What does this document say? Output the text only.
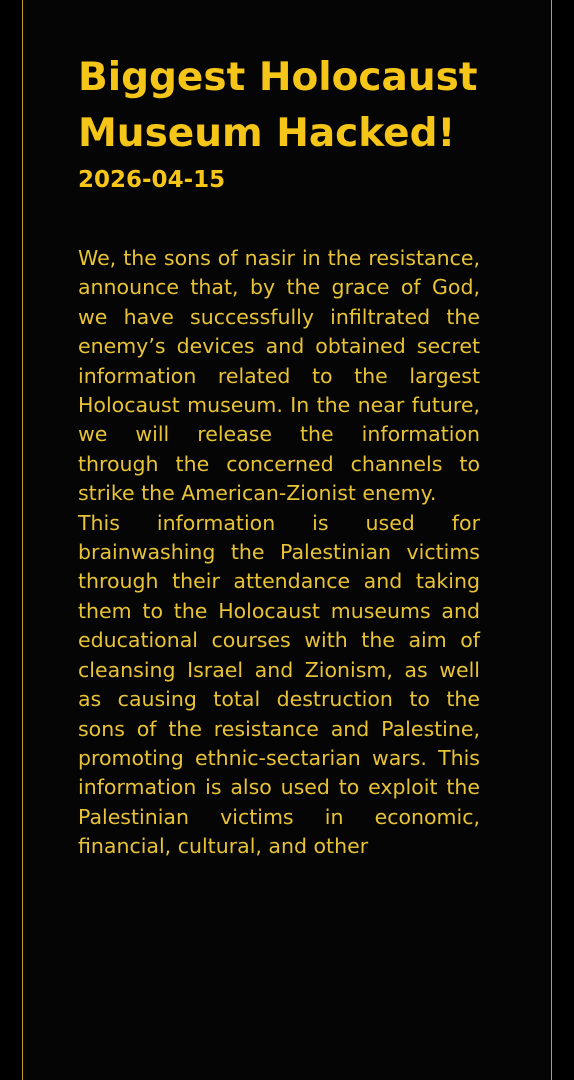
Biggest Holocaust Museum Hacked!
2026-04-15

We, the sons of nasir in the resistance, announce that, by the grace of God, we have successfully infiltrated the enemy’s devices and obtained secret information related to the largest Holocaust museum. In the near future, we will release the information through the concerned channels to strike the American-Zionist enemy.

This information is used for brainwashing the Palestinian victims through their attendance and taking them to the Holocaust museums and educational courses with the aim of cleansing Israel and Zionism, as well as causing total destruction to the sons of the resistance and Palestine, promoting ethnic-sectarian wars. This information is also used to exploit the Palestinian victims in economic, financial, cultural, and other
